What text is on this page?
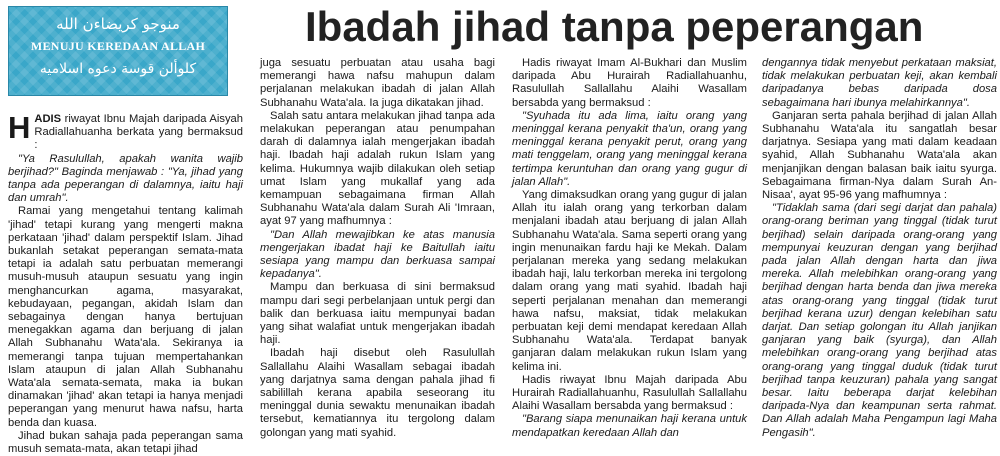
منوجو كريضاءن الله
MENUJU KEREDAAN ALLAH
كلوألن قوسة دعوه اسلاميه
Ibadah jihad tanpa peperangan

HADIS riwayat Ibnu Majah daripada Aisyah Radiallahuanha berkata yang bermaksud :

"Ya Rasulullah, apakah wanita wajib berjihad?" Baginda menjawab : "Ya, jihad yang tanpa ada peperangan di dalamnya, iaitu haji dan umrah".

Ramai yang mengetahui tentang kalimah 'jihad' tetapi kurang yang mengerti makna perkataan 'jihad' dalam perspektif Islam. Jihad bukanlah setakat peperangan semata-mata tetapi ia adalah satu perbuatan memerangi musuh-musuh ataupun sesuatu yang ingin menghancurkan agama, masyarakat, kebudayaan, pegangan, akidah Islam dan sebagainya dengan hanya bertujuan menegakkan agama dan berjuang di jalan Allah Subhanahu Wata'ala. Sekiranya ia memerangi tanpa tujuan mempertahankan Islam ataupun di jalan Allah Subhanahu Wata'ala semata-semata, maka ia bukan dinamakan 'jihad' akan tetapi ia hanya menjadi peperangan yang menurut hawa nafsu, harta benda dan kuasa.

Jihad bukan sahaja pada peperangan sama musuh semata-mata, akan tetapi jihad

juga sesuatu perbuatan atau usaha bagi memerangi hawa nafsu mahupun dalam perjalanan melakukan ibadah di jalan Allah Subhanahu Wata'ala. Ia juga dikatakan jihad.

Salah satu antara melakukan jihad tanpa ada melakukan peperangan atau penumpahan darah di dalamnya ialah mengerjakan ibadah haji. Ibadah haji adalah rukun Islam yang kelima. Hukumnya wajib dilakukan oleh setiap umat Islam yang mukallaf yang ada kemampuan sebagaimana firman Allah Subhanahu Wata'ala dalam Surah Ali 'Imraan, ayat 97 yang mafhumnya :

"Dan Allah mewajibkan ke atas manusia mengerjakan ibadat haji ke Baitullah iaitu sesiapa yang mampu dan berkuasa sampai kepadanya".

Mampu dan berkuasa di sini bermaksud mampu dari segi perbelanjaan untuk pergi dan balik dan berkuasa iaitu mempunyai badan yang sihat walafiat untuk mengerjakan ibadah haji.

Ibadah haji disebut oleh Rasulullah Sallallahu Alaihi Wasallam sebagai ibadah yang darjatnya sama dengan pahala jihad fi sabilillah kerana apabila seseorang itu meninggal dunia sewaktu menunaikan ibadah tersebut, kematiannya itu tergolong dalam golongan yang mati syahid.

Hadis riwayat Imam Al-Bukhari dan Muslim daripada Abu Hurairah Radiallahuanhu, Rasulullah Sallallahu Alaihi Wasallam bersabda yang bermaksud :

"Syuhada itu ada lima, iaitu orang yang meninggal kerana penyakit tha'un, orang yang meninggal kerana penyakit perut, orang yang mati tenggelam, orang yang meninggal kerana tertimpa keruntuhan dan orang yang gugur di jalan Allah".

Yang dimaksudkan orang yang gugur di jalan Allah itu ialah orang yang terkorban dalam menjalani ibadah atau berjuang di jalan Allah Subhanahu Wata'ala. Sama seperti orang yang ingin menunaikan fardu haji ke Mekah. Dalam perjalanan mereka yang sedang melakukan ibadah haji, lalu terkorban mereka ini tergolong dalam orang yang mati syahid. Ibadah haji seperti perjalanan menahan dan memerangi hawa nafsu, maksiat, tidak melakukan perbuatan keji demi mendapat keredaan Allah Subhanahu Wata'ala. Terdapat banyak ganjaran dalam melakukan rukun Islam yang kelima ini.

Hadis riwayat Ibnu Majah daripada Abu Hurairah Radiallahuanhu, Rasulullah Sallallahu Alaihi Wasallam bersabda yang bermaksud :

"Barang siapa menunaikan haji kerana untuk mendapatkan keredaan Allah dan

dengannya tidak menyebut perkataan maksiat, tidak melakukan perbuatan keji, akan kembali daripadanya bebas daripada dosa sebagaimana hari ibunya melahirkannya".

Ganjaran serta pahala berjihad di jalan Allah Subhanahu Wata'ala itu sangatlah besar darjatnya. Sesiapa yang mati dalam keadaan syahid, Allah Subhanahu Wata'ala akan menjanjikan dengan balasan baik iaitu syurga. Sebagaimana firman-Nya dalam Surah An-Nisaa', ayat 95-96 yang mafhumnya :

"Tidaklah sama (dari segi darjat dan pahala) orang-orang beriman yang tinggal (tidak turut berjihad) selain daripada orang-orang yang mempunyai keuzuran dengan yang berjihad pada jalan Allah dengan harta dan jiwa mereka. Allah melebihkan orang-orang yang berjihad dengan harta benda dan jiwa mereka atas orang-orang yang tinggal (tidak turut berjihad kerana uzur) dengan kelebihan satu darjat. Dan setiap golongan itu Allah janjikan ganjaran yang baik (syurga), dan Allah melebihkan orang-orang yang berjihad atas orang-orang yang tinggal duduk (tidak turut berjihad tanpa keuzuran) pahala yang sangat besar. Iaitu beberapa darjat kelebihan daripada-Nya dan keampunan serta rahmat. Dan Allah adalah Maha Pengampun lagi Maha Pengasih".
